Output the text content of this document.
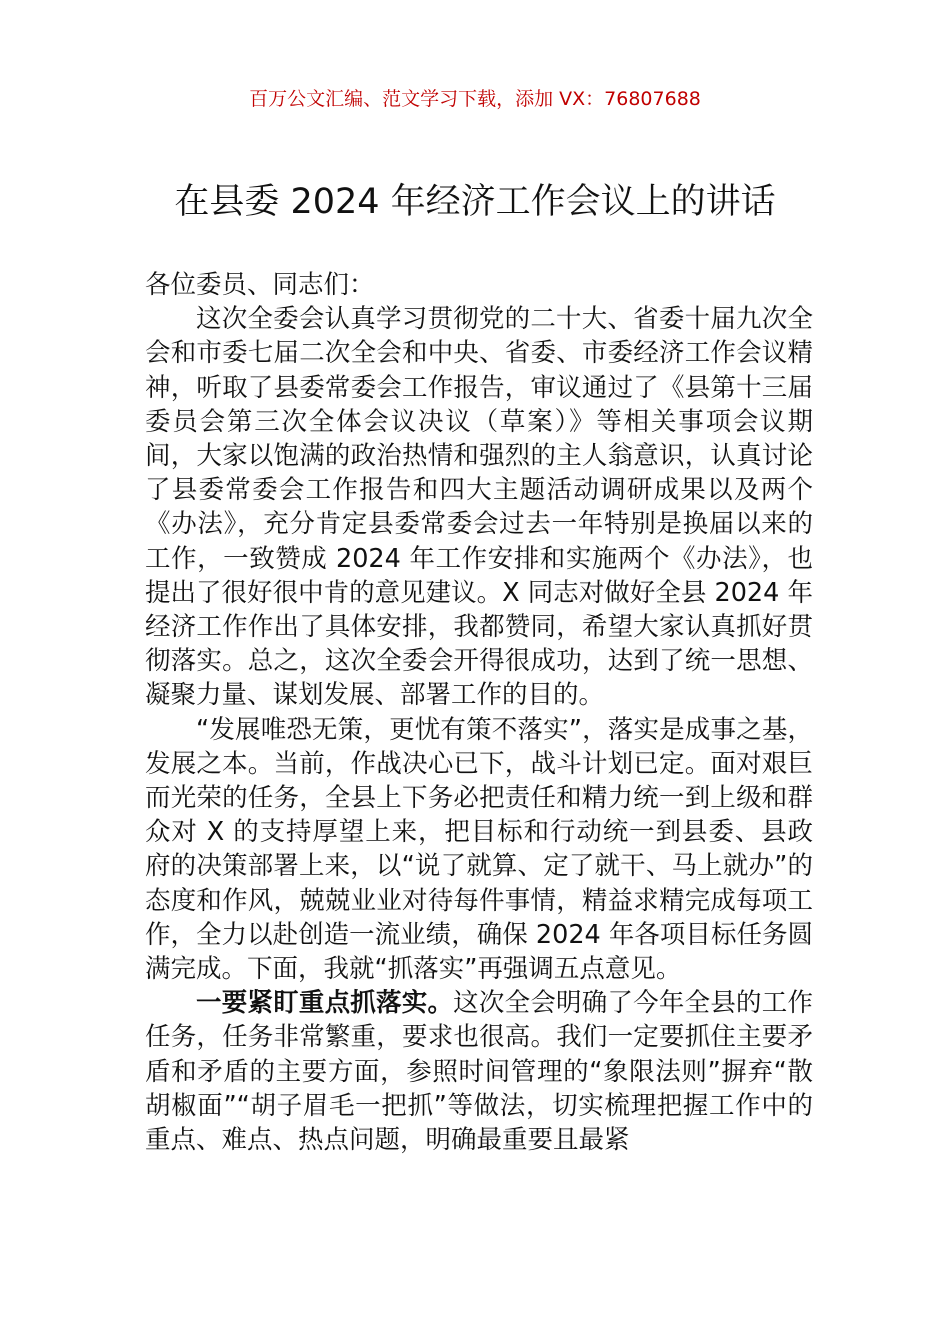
百万公文汇编、范文学习下载，添加 VX：76807688
在县委 2024 年经济工作会议上的讲话

各位委员、同志们：

这次全委会认真学习贯彻党的二十大、省委十届九次全会和市委七届二次全会和中央、省委、市委经济工作会议精神，听取了县委常委会工作报告，审议通过了《县第十三届委员会第三次全体会议决议（草案）》等相关事项会议期间，大家以饱满的政治热情和强烈的主人翁意识，认真讨论了县委常委会工作报告和四大主题活动调研成果以及两个《办法》，充分肯定县委常委会过去一年特别是换届以来的工作，一致赞成 2024 年工作安排和实施两个《办法》，也提出了很好很中肯的意见建议。X 同志对做好全县 2024 年经济工作作出了具体安排，我都赞同，希望大家认真抓好贯彻落实。总之，这次全委会开得很成功，达到了统一思想、凝聚力量、谋划发展、部署工作的目的。

“发展唯恐无策，更忧有策不落实”，落实是成事之基，发展之本。当前，作战决心已下，战斗计划已定。面对艰巨而光荣的任务，全县上下务必把责任和精力统一到上级和群众对 X 的支持厚望上来，把目标和行动统一到县委、县政府的决策部署上来，以“说了就算、定了就干、马上就办”的态度和作风，兢兢业业对待每件事情，精益求精完成每项工作，全力以赴创造一流业绩，确保 2024 年各项目标任务圆满完成。下面，我就“抓落实”再强调五点意见。

一要紧盯重点抓落实。这次全会明确了今年全县的工作任务，任务非常繁重，要求也很高。我们一定要抓住主要矛盾和矛盾的主要方面，参照时间管理的“象限法则”摒弃“散胡椒面”“胡子眉毛一把抓”等做法，切实梳理把握工作中的重点、难点、热点问题，明确最重要且最紧
